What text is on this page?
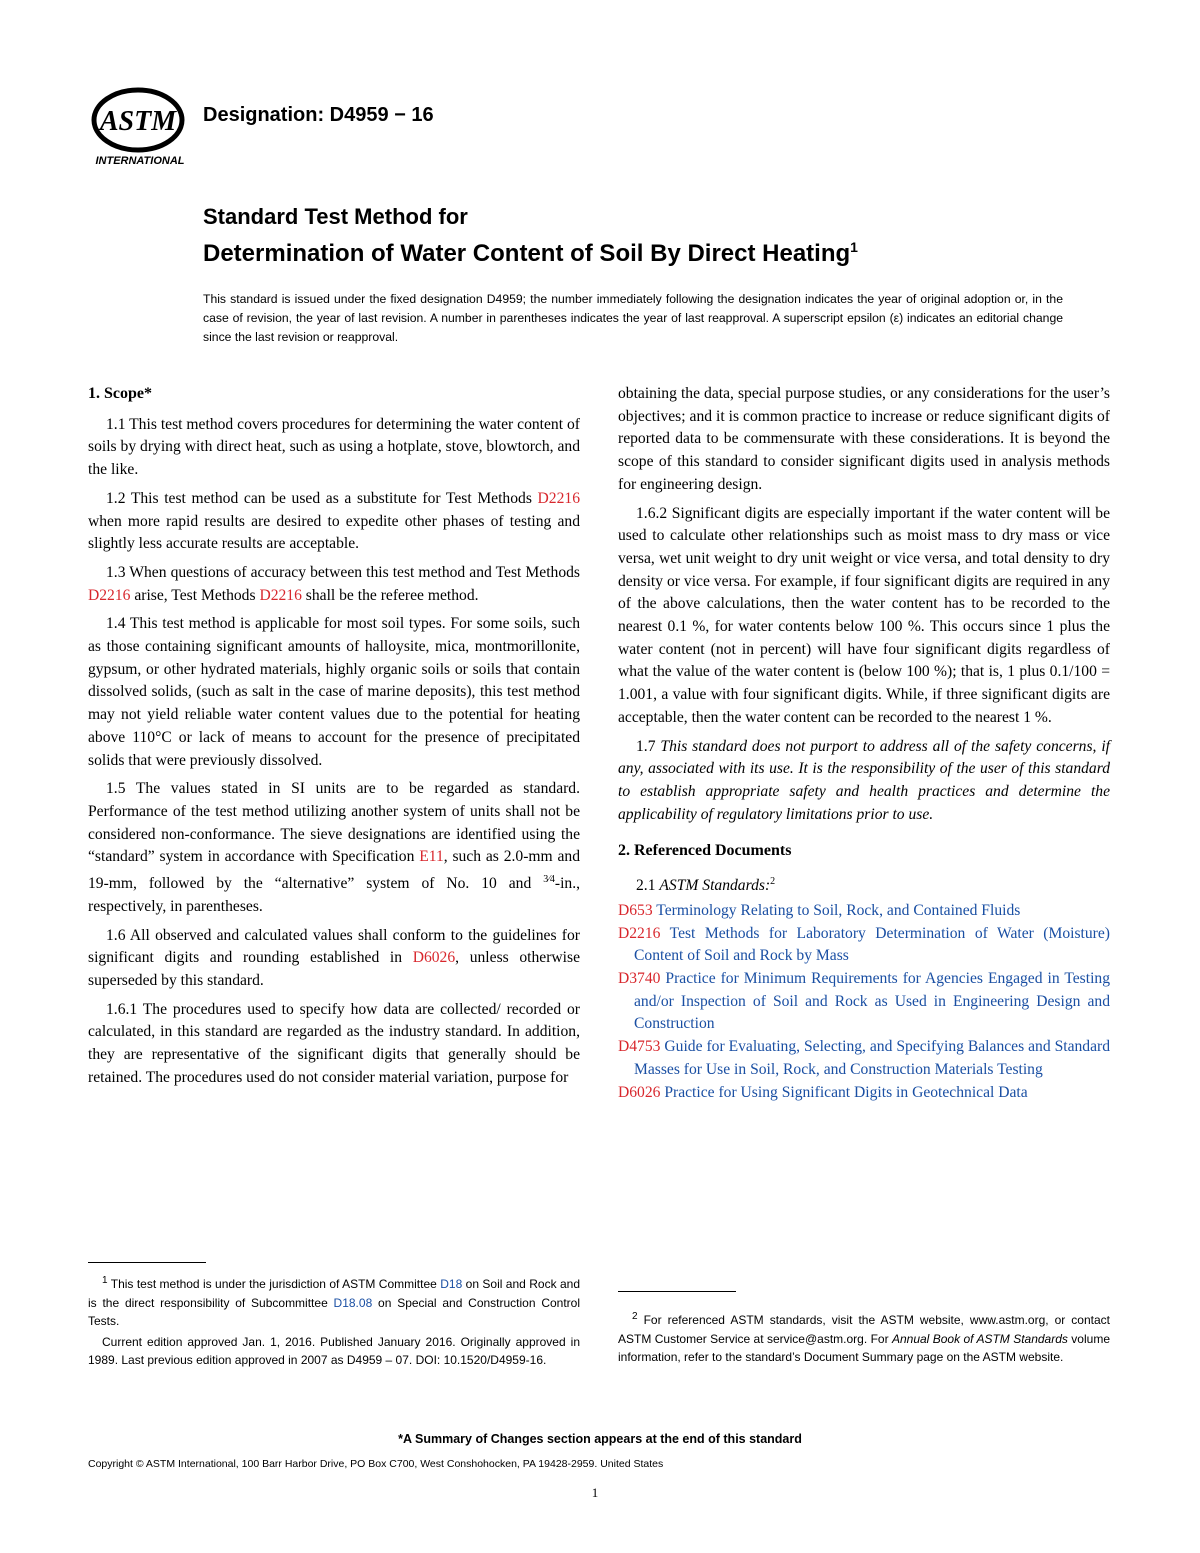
ASTM
INTERNATIONAL
Designation: D4959 − 16
Standard Test Method for
Determination of Water Content of Soil By Direct Heating$^1$
This standard is issued under the fixed designation D4959; the number immediately following the designation indicates the year of original adoption or, in the case of revision, the year of last revision. A number in parentheses indicates the year of last reapproval. A superscript epsilon (ε) indicates an editorial change since the last revision or reapproval.
1. Scope*

1.1 This test method covers procedures for determining the water content of soils by drying with direct heat, such as using a hotplate, stove, blowtorch, and the like.

1.2 This test method can be used as a substitute for Test Methods D2216 when more rapid results are desired to expedite other phases of testing and slightly less accurate results are acceptable.

1.3 When questions of accuracy between this test method and Test Methods D2216 arise, Test Methods D2216 shall be the referee method.

1.4 This test method is applicable for most soil types. For some soils, such as those containing significant amounts of halloysite, mica, montmorillonite, gypsum, or other hydrated materials, highly organic soils or soils that contain dissolved solids, (such as salt in the case of marine deposits), this test method may not yield reliable water content values due to the potential for heating above 110°C or lack of means to account for the presence of precipitated solids that were previously dissolved.

1.5 The values stated in SI units are to be regarded as standard. Performance of the test method utilizing another system of units shall not be considered non-conformance. The sieve designations are identified using the “standard” system in accordance with Specification E11, such as 2.0-mm and 19-mm, followed by the “alternative” system of No. 10 and $^{3⁄4}$-in., respectively, in parentheses.

1.6 All observed and calculated values shall conform to the guidelines for significant digits and rounding established in D6026, unless otherwise superseded by this standard.

1.6.1 The procedures used to specify how data are collected/ recorded or calculated, in this standard are regarded as the industry standard. In addition, they are representative of the significant digits that generally should be retained. The procedures used do not consider material variation, purpose for

obtaining the data, special purpose studies, or any considerations for the user’s objectives; and it is common practice to increase or reduce significant digits of reported data to be commensurate with these considerations. It is beyond the scope of this standard to consider significant digits used in analysis methods for engineering design.

1.6.2 Significant digits are especially important if the water content will be used to calculate other relationships such as moist mass to dry mass or vice versa, wet unit weight to dry unit weight or vice versa, and total density to dry density or vice versa. For example, if four significant digits are required in any of the above calculations, then the water content has to be recorded to the nearest 0.1 %, for water contents below 100 %. This occurs since 1 plus the water content (not in percent) will have four significant digits regardless of what the value of the water content is (below 100 %); that is, 1 plus 0.1/100 = 1.001, a value with four significant digits. While, if three significant digits are acceptable, then the water content can be recorded to the nearest 1 %.

1.7 This standard does not purport to address all of the safety concerns, if any, associated with its use. It is the responsibility of the user of this standard to establish appropriate safety and health practices and determine the applicability of regulatory limitations prior to use.

2. Referenced Documents

2.1 ASTM Standards:$^2$

D653 Terminology Relating to Soil, Rock, and Contained Fluids
D2216 Test Methods for Laboratory Determination of Water (Moisture) Content of Soil and Rock by Mass
D3740 Practice for Minimum Requirements for Agencies Engaged in Testing and/or Inspection of Soil and Rock as Used in Engineering Design and Construction
D4753 Guide for Evaluating, Selecting, and Specifying Balances and Standard Masses for Use in Soil, Rock, and Construction Materials Testing
D6026 Practice for Using Significant Digits in Geotechnical Data

$^1$ This test method is under the jurisdiction of ASTM Committee D18 on Soil and Rock and is the direct responsibility of Subcommittee D18.08 on Special and Construction Control Tests.

Current edition approved Jan. 1, 2016. Published January 2016. Originally approved in 1989. Last previous edition approved in 2007 as D4959 – 07. DOI: 10.1520/D4959-16.

$^2$ For referenced ASTM standards, visit the ASTM website, www.astm.org, or contact ASTM Customer Service at service@astm.org. For Annual Book of ASTM Standards volume information, refer to the standard’s Document Summary page on the ASTM website.

*A Summary of Changes section appears at the end of this standard
Copyright © ASTM International, 100 Barr Harbor Drive, PO Box C700, West Conshohocken, PA 19428-2959. United States
1
